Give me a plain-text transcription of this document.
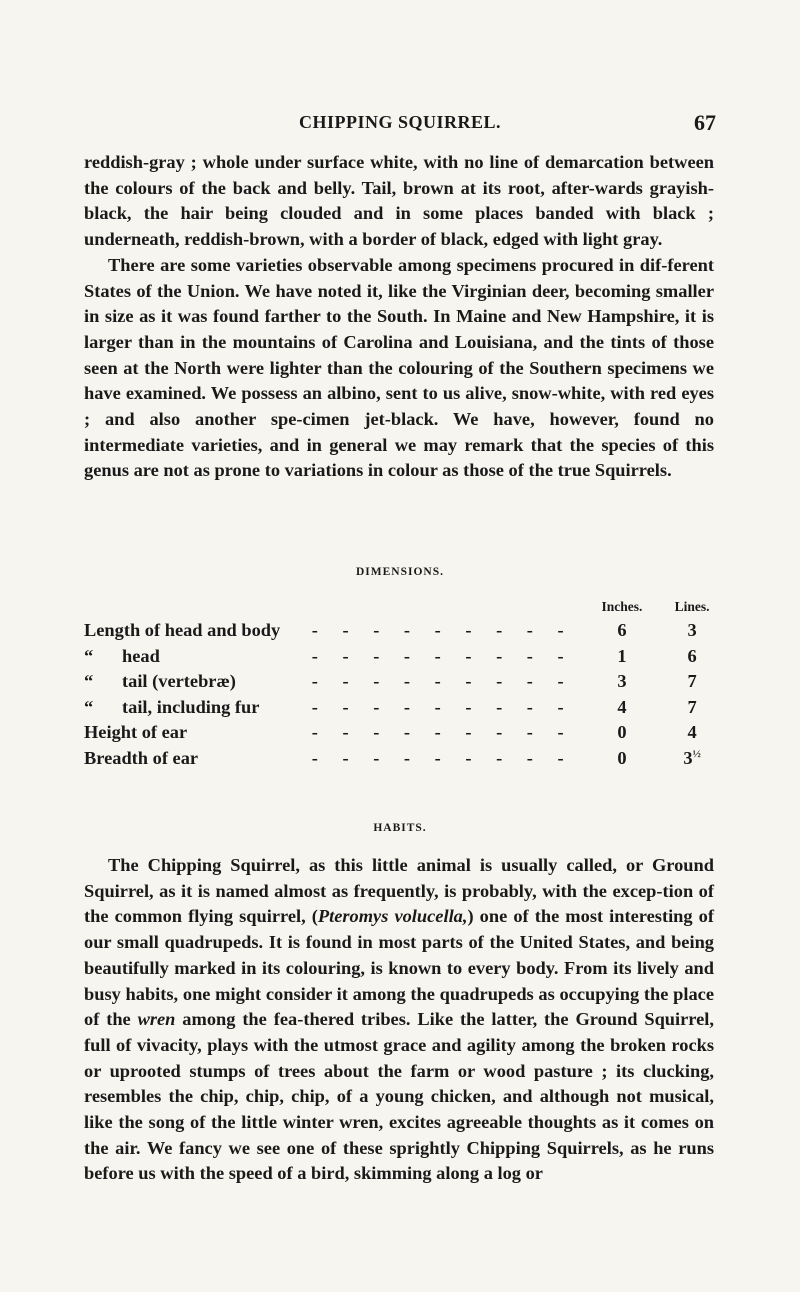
CHIPPING SQUIRREL.	67

reddish-gray ; whole under surface white, with no line of demarcation between the colours of the back and belly. Tail, brown at its root, after-wards grayish-black, the hair being clouded and in some places banded with black ; underneath, reddish-brown, with a border of black, edged with light gray.

There are some varieties observable among specimens procured in dif-ferent States of the Union. We have noted it, like the Virginian deer, becoming smaller in size as it was found farther to the South. In Maine and New Hampshire, it is larger than in the mountains of Carolina and Louisiana, and the tints of those seen at the North were lighter than the colouring of the Southern specimens we have examined. We possess an albino, sent to us alive, snow-white, with red eyes ; and also another spe-cimen jet-black. We have, however, found no intermediate varieties, and in general we may remark that the species of this genus are not as prone to variations in colour as those of the true Squirrels.

DIMENSIONS.
	Inches.	Lines.

Length of head and body - - - - - - - - -	6	3

“ head - - - - - - - - -	1	6

“ tail (vertebræ) - - - - - - - - -	3	7

“ tail, including fur - - - - - - - - -	4	7

Height of ear - - - - - - - - -	0	4

Breadth of ear - - - - - - - - -	0	$3^{\frac{1}{2}}$
HABITS.

The Chipping Squirrel, as this little animal is usually called, or Ground Squirrel, as it is named almost as frequently, is probably, with the excep-tion of the common flying squirrel, (Pteromys volucella,) one of the most interesting of our small quadrupeds. It is found in most parts of the United States, and being beautifully marked in its colouring, is known to every body. From its lively and busy habits, one might consider it among the quadrupeds as occupying the place of the wren among the fea-thered tribes. Like the latter, the Ground Squirrel, full of vivacity, plays with the utmost grace and agility among the broken rocks or uprooted stumps of trees about the farm or wood pasture ; its clucking, resembles the chip, chip, chip, of a young chicken, and although not musical, like the song of the little winter wren, excites agreeable thoughts as it comes on the air. We fancy we see one of these sprightly Chipping Squirrels, as he runs before us with the speed of a bird, skimming along a log or
